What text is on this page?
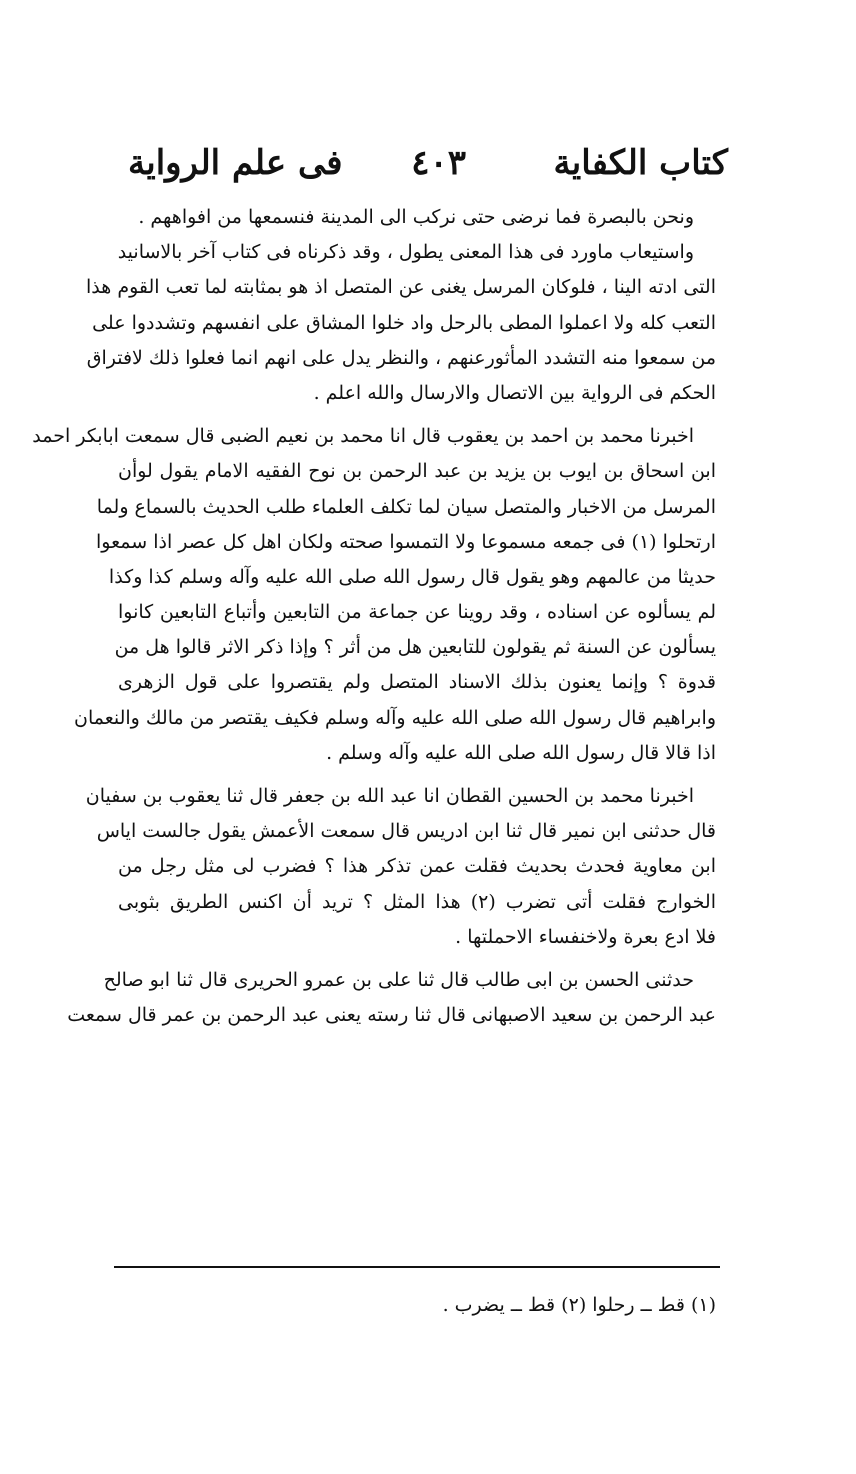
كتاب الكفاية
٤٠٣
فى علم الرواية
ونحن بالبصرة فما نرضى حتى نركب الى المدينة فنسمعها من افواههم .
واستيعاب ماورد فى هذا المعنى يطول ، وقد ذكرناه فى كتاب آخر بالاسانيد
التى ادته الينا ، فلوكان المرسل يغنى عن المتصل اذ هو بمثابته لما تعب القوم هذا
التعب كله ولا اعملوا المطى بالرحل واد خلوا المشاق على انفسهم وتشددوا على
من سمعوا منه التشدد المأثورعنهم ، والنظر يدل على انهم انما فعلوا ذلك لافتراق
الحكم فى الرواية بين الاتصال والارسال والله اعلم .
اخبرنا محمد بن احمد بن يعقوب قال انا محمد بن نعيم الضبى قال سمعت ابابكر احمد
ابن اسحاق بن ايوب بن يزيد بن عبد الرحمن بن نوح الفقيه الامام يقول لوأن
المرسل من الاخبار والمتصل سيان لما تكلف العلماء طلب الحديث بالسماع ولما
ارتحلوا (١) فى جمعه مسموعا ولا التمسوا صحته ولكان اهل كل عصر اذا سمعوا
حديثا من عالمهم وهو يقول قال رسول الله صلى الله عليه وآله وسلم كذا وكذا
لم يسألوه عن اسناده ، وقد روينا عن جماعة من التابعين وأتباع التابعين كانوا
يسألون عن السنة ثم يقولون للتابعين هل من أثر ؟ وإذا ذكر الاثر قالوا هل من
قدوة ؟ وإنما يعنون بذلك الاسناد المتصل ولم يقتصروا على قول الزهرى
وابراهيم قال رسول الله صلى الله عليه وآله وسلم فكيف يقتصر من مالك والنعمان
اذا قالا قال رسول الله صلى الله عليه وآله وسلم .
اخبرنا محمد بن الحسين القطان انا عبد الله بن جعفر قال ثنا يعقوب بن سفيان
قال حدثنى ابن نمير قال ثنا ابن ادريس قال سمعت الأعمش يقول جالست اياس
ابن معاوية فحدث بحديث فقلت عمن تذكر هذا ؟ فضرب لى مثل رجل من
الخوارج فقلت أتى تضرب (٢) هذا المثل ؟ تريد أن اكنس الطريق بثوبى
فلا ادع بعرة ولاخنفساء الاحملتها .
حدثنى الحسن بن ابى طالب قال ثنا على بن عمرو الحريرى قال ثنا ابو صالح
عبد الرحمن بن سعيد الاصبهانى قال ثنا رسته يعنى عبد الرحمن بن عمر قال سمعت
(١) قط ــ رحلوا (٢) قط ــ يضرب .
